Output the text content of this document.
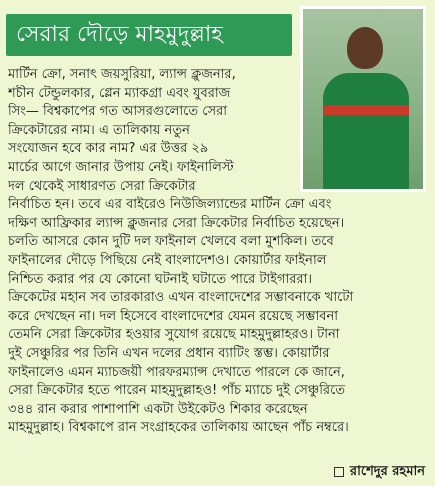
সেরার দৌড়ে মাহমুদুল্লাহ
মার্টিন ক্রো, সনাৎ জয়সুরিয়া, ল্যান্স ক্লুজনার,
শচীন টেন্ডুলকার, গ্লেন ম্যাকগ্রা এবং যুবরাজ
সিং— বিশ্বকাপের গত আসরগুলোতে সেরা
ক্রিকেটারের নাম। এ তালিকায় নতুন
সংযোজন হবে কার নাম? এর উত্তর ২৯
মার্চের আগে জানার উপায় নেই। ফাইনালিস্ট
দল থেকেই সাধারণত সেরা ক্রিকেটার
নির্বাচিত হন। তবে এর বাইরেও নিউজিল্যান্ডের মার্টিন ক্রো এবং
দক্ষিণ আফ্রিকার ল্যান্স ক্লুজনার সেরা ক্রিকেটার নির্বাচিত হয়েছেন।
চলতি আসরে কোন দুটি দল ফাইনাল খেলবে বলা মুশকিল। তবে
ফাইনালের দৌড়ে পিছিয়ে নেই বাংলাদেশও। কোয়ার্টার ফাইনাল
নিশ্চিত করার পর যে কোনো ঘটনাই ঘটাতে পারে টাইগাররা।
ক্রিকেটের মহান সব তারকারাও এখন বাংলাদেশের সম্ভাবনাকে খাটো
করে দেখছেন না। দল হিসেবে বাংলাদেশের যেমন রয়েছে সম্ভাবনা
তেমনি সেরা ক্রিকেটার হওয়ার সুযোগ রয়েছে মাহমুদুল্লাহরও। টানা
দুই সেঞ্চুরির পর তিনি এখন দলের প্রধান ব্যাটিং স্তম্ভ। কোয়ার্টার
ফাইনালেও এমন ম্যাচজয়ী পারফরম্যান্স দেখাতে পারলে কে জানে,
সেরা ক্রিকেটার হতে পারেন মাহমুদুল্লাহও! পাঁচ ম্যাচে দুই সেঞ্চুরিতে
৩৪৪ রান করার পাশাপাশি একটা উইকেটও শিকার করেছেন
মাহমুদুল্লাহ। বিশ্বকাপে রান সংগ্রাহকের তালিকায় আছেন পাঁচ নম্বরে।
রাশেদুর রহমান
